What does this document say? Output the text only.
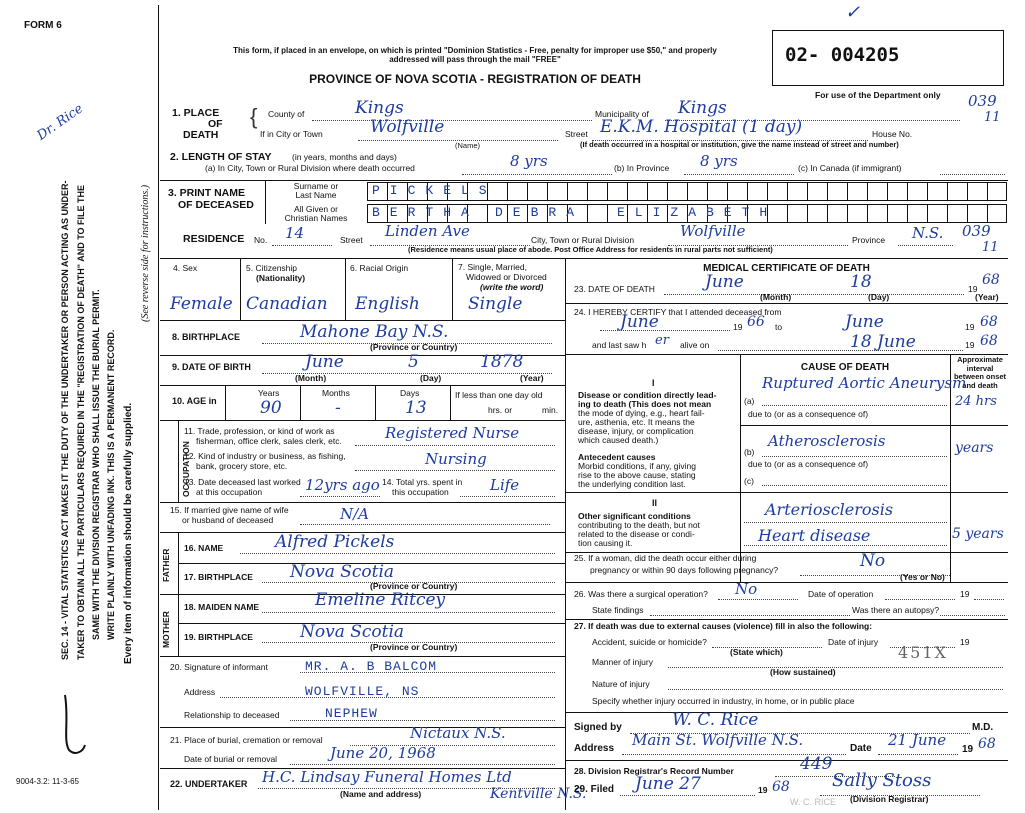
FORM 6
Dr. Rice
SEC. 14 - VITAL STATISTICS ACT MAKES IT THE DUTY OF THE UNDERTAKER OR PERSON ACTING AS UNDER- TAKER TO OBTAIN ALL THE PARTICULARS REQUIRED IN THE "REGISTRATION OF DEATH" AND TO FILE THE SAME WITH THE DIVISION REGISTRAR WHO SHALL ISSUE THE BURIAL PERMIT. WRITE PLAINLY WITH UNFADING INK. THIS IS A PERMANENT RECORD. Every item of information should be carefully supplied.
(See reverse side for instructions.)
9004-3.2: 11-3-65
This form, if placed in an envelope, on which is printed "Dominion Statistics - Free, penalty for improper use $50," and properly addressed will pass through the mail "FREE"
PROVINCE OF NOVA SCOTIA - REGISTRATION OF DEATH
02- 004205
✓
For use of the Department only 039
11
1. PLACE
OF
DEATH
{ County of	Kings	Municipality of Kings
If in City or Town	Wolfville
(Name)
Street E.K.M. Hospital (1 day)	House No.
(If death occurred in a hospital or institution, give the name instead of street and number)
2. LENGTH OF STAY (in years, months and days)
(a) In City, Town or Rural Division where death occurred	8 yrs	(b) In Province 8 yrs	(c) In Canada (if immigrant)
3. PRINT NAME
OF DECEASED
Surname or
Last Name
All Given or
Christian Names
PICKELS
BERTHA DEBRA	ELIZABETH
RESIDENCE No. 14	Street Linden Ave	City, Town or Rural Division	Wolfville	Province N.S. 039
11
(Residence means usual place of abode. Post Office Address for residents in rural parts not sufficient)
4. Sex	5. Citizenship
(Nationality)
6. Racial Origin	7. Single, Married,
Widowed or Divorced
(write the word)
Female Canadian English	Single
8. BIRTHPLACE	Mahone Bay N.S.
(Province or Country)
9. DATE OF BIRTH	June	5	1878
(Month)	(Day)	(Year)
10. AGE in
Years	Months	Days
90	-	13
If less than one day old
hrs. or	min.
OCCUPATION
11. Trade, profession, or kind of work as
fisherman, office clerk, sales clerk, etc.	Registered Nurse
12. Kind of industry or business, as fishing,
bank, grocery store, etc.	Nursing
13. Date deceased last worked
at this occupation	12yrs ago 14. Total yrs. spent in
this occupation	Life
15. If married give name of wife
or husband of deceased	N/A
FATHER
16. NAME	Alfred Pickels
17. BIRTHPLACE Nova Scotia
(Province or Country)
MOTHER
18. MAIDEN NAME	Emeline Ritcey
19. BIRTHPLACE	Nova Scotia
(Province or Country)
20. Signature of informant	MR. A. B BALCOM
Address	WOLFVILLE, NS
Relationship to deceased	NEPHEW
21. Place of burial, cremation or removal	Nictaux N.S.
Date of burial or removal	June 20, 1968
22. UNDERTAKER H.C. Lindsay Funeral Homes Ltd
(Name and address)	Kentville N.S.
MEDICAL CERTIFICATE OF DEATH
23. DATE OF DEATH	June	18	19
68
(Month)	(Day)	(Year)
24. I HEREBY CERTIFY that I attended deceased from
June	19 66 to	June	19 68
and last saw h er alive on	18 June	19 68
CAUSE OF DEATH
Approximate interval between onset and death
I
Disease or condition directly lead-
ing to death (This does not mean
the mode of dying, e.g., heart fail-
ure, asthenia, etc. It means the
disease, injury, or complication
which caused death.)
(a)
Ruptured Aortic Aneurysm
24 hrs
due to (or as a consequence of)
Antecedent causes
Morbid conditions, if any, giving
rise to the above cause, stating
the underlying condition last.
(b)
Atherosclerosis	years
due to (or as a consequence of)
(c)
II
Other significant conditions
contributing to the death, but not
related to the disease or condi-
tion causing it.
Arteriosclerosis
Heart disease	5 years
25. If a woman, did the death occur either during
pregnancy or within 90 days following pregnancy?	No
(Yes or No)
26. Was there a surgical operation? No	Date of operation	19
State findings	Was there an autopsy?
27. If death was due to external causes (violence) fill in also the following:
Accident, suicide or homicide?	Date of injury	19
(State which)	451X
Manner of injury
(How sustained)
Nature of injury
Specify whether injury occurred in industry, in home, or in public place
Signed by	W. C. Rice	M.D.
Address Main St. Wolfville N.S.	Date 21 June
19 68
28. Division Registrar's Record Number	449
29. Filed June 27	19 68 Sally Stoss
(Division Registrar)
W. C. RICE
